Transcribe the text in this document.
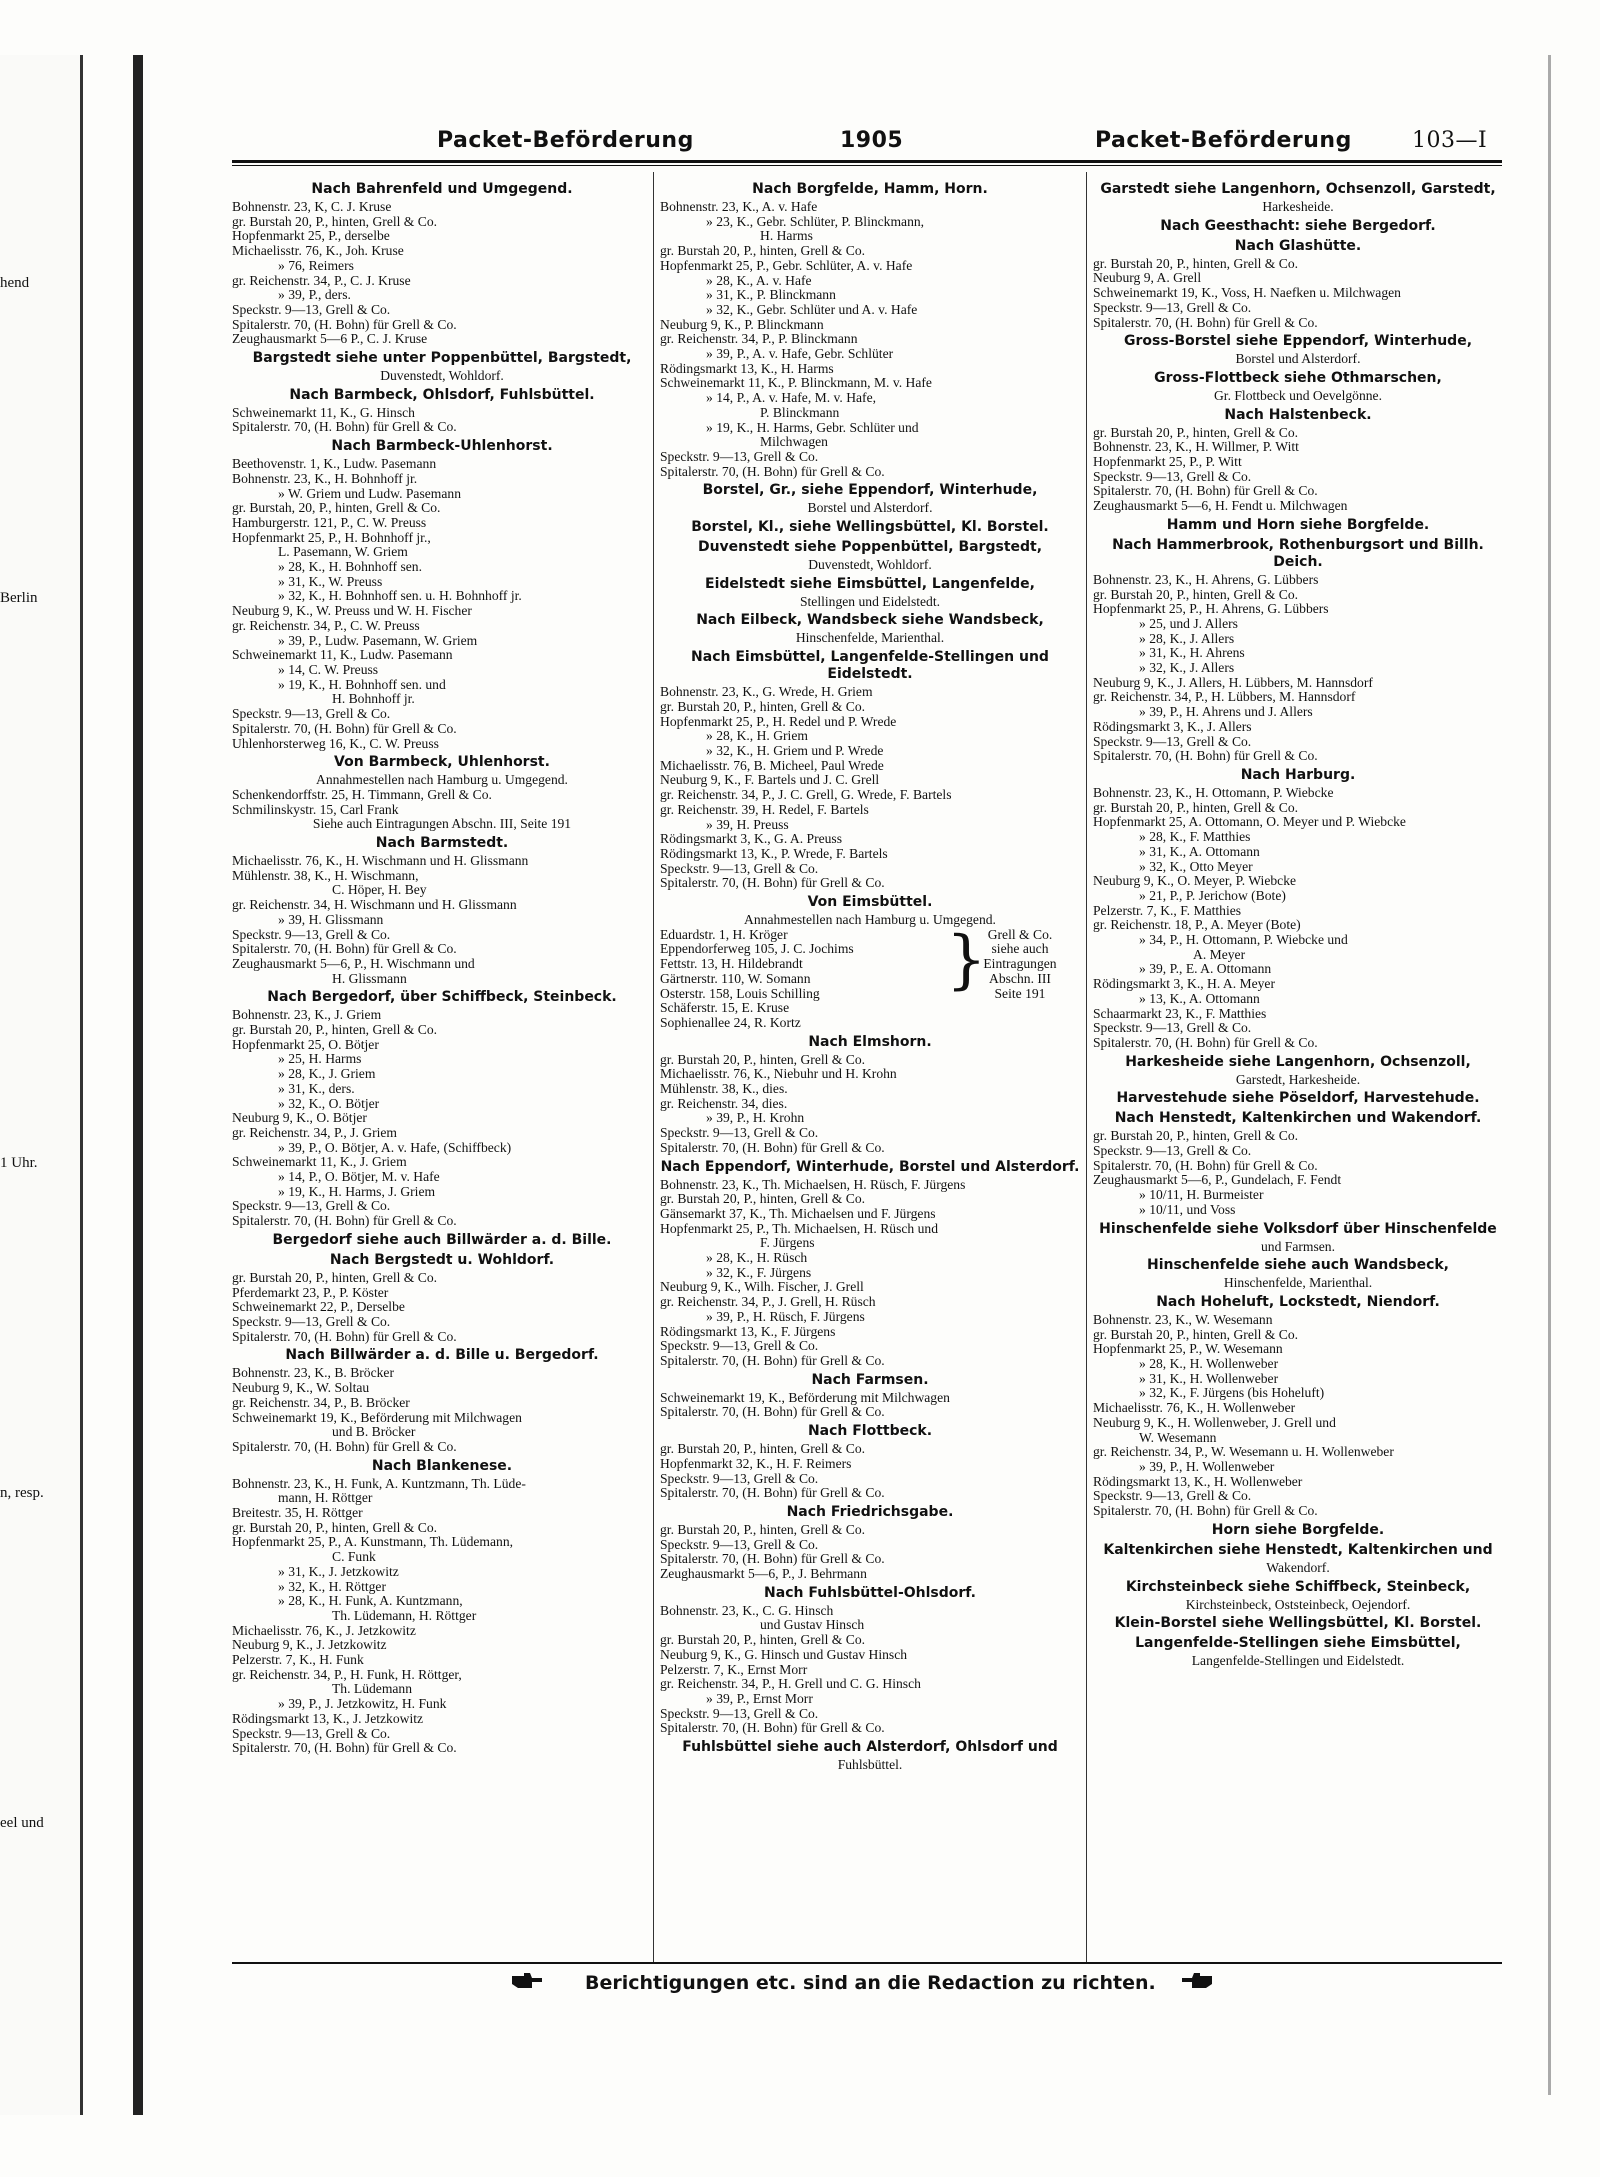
hend
Berlin
1 Uhr.
n, resp.
eel und
Packet-Beförderung	1905	Packet-Beförderung	103—I
Nach Bahrenfeld und Umgegend.
Bohnenstr. 23, K, C. J. Kruse
gr. Burstah 20, P., hinten, Grell & Co.
Hopfenmarkt 25, P., derselbe
Michaelisstr. 76, K., Joh. Kruse
» 76, Reimers
gr. Reichenstr. 34, P., C. J. Kruse
» 39, P., ders.
Speckstr. 9—13, Grell & Co.
Spitalerstr. 70, (H. Bohn) für Grell & Co.
Zeughausmarkt 5—6 P., C. J. Kruse
Bargstedt siehe unter Poppenbüttel, Bargstedt,
Duvenstedt, Wohldorf.
Nach Barmbeck, Ohlsdorf, Fuhlsbüttel.
Schweinemarkt 11, K., G. Hinsch
Spitalerstr. 70, (H. Bohn) für Grell & Co.
Nach Barmbeck-Uhlenhorst.
Beethovenstr. 1, K., Ludw. Pasemann
Bohnenstr. 23, K., H. Bohnhoff jr.
» W. Griem und Ludw. Pasemann
gr. Burstah, 20, P., hinten, Grell & Co.
Hamburgerstr. 121, P., C. W. Preuss
Hopfenmarkt 25, P., H. Bohnhoff jr.,
L. Pasemann, W. Griem
» 28, K., H. Bohnhoff sen.
» 31, K., W. Preuss
» 32, K., H. Bohnhoff sen. u. H. Bohnhoff jr.
Neuburg 9, K., W. Preuss und W. H. Fischer
gr. Reichenstr. 34, P., C. W. Preuss
» 39, P., Ludw. Pasemann, W. Griem
Schweinemarkt 11, K., Ludw. Pasemann
» 14, C. W. Preuss
» 19, K., H. Bohnhoff sen. und
H. Bohnhoff jr.
Speckstr. 9—13, Grell & Co.
Spitalerstr. 70, (H. Bohn) für Grell & Co.
Uhlenhorsterweg 16, K., C. W. Preuss
Von Barmbeck, Uhlenhorst.
Annahmestellen nach Hamburg u. Umgegend.
Schenkendorffstr. 25, H. Timmann, Grell & Co.
Schmilinskystr. 15, Carl Frank
Siehe auch Eintragungen Abschn. III, Seite 191
Nach Barmstedt.
Michaelisstr. 76, K., H. Wischmann und H. Glissmann
Mühlenstr. 38, K., H. Wischmann,
C. Höper, H. Bey
gr. Reichenstr. 34, H. Wischmann und H. Glissmann
» 39, H. Glissmann
Speckstr. 9—13, Grell & Co.
Spitalerstr. 70, (H. Bohn) für Grell & Co.
Zeughausmarkt 5—6, P., H. Wischmann und
H. Glissmann
Nach Bergedorf, über Schiffbeck, Steinbeck.
Bohnenstr. 23, K., J. Griem
gr. Burstah 20, P., hinten, Grell & Co.
Hopfenmarkt 25, O. Bötjer
» 25, H. Harms
» 28, K., J. Griem
» 31, K., ders.
» 32, K., O. Bötjer
Neuburg 9, K., O. Bötjer
gr. Reichenstr. 34, P., J. Griem
» 39, P., O. Bötjer, A. v. Hafe, (Schiffbeck)
Schweinemarkt 11, K., J. Griem
» 14, P., O. Bötjer, M. v. Hafe
» 19, K., H. Harms, J. Griem
Speckstr. 9—13, Grell & Co.
Spitalerstr. 70, (H. Bohn) für Grell & Co.
Bergedorf siehe auch Billwärder a. d. Bille.
Nach Bergstedt u. Wohldorf.
gr. Burstah 20, P., hinten, Grell & Co.
Pferdemarkt 23, P., P. Köster
Schweinemarkt 22, P., Derselbe
Speckstr. 9—13, Grell & Co.
Spitalerstr. 70, (H. Bohn) für Grell & Co.
Nach Billwärder a. d. Bille u. Bergedorf.
Bohnenstr. 23, K., B. Bröcker
Neuburg 9, K., W. Soltau
gr. Reichenstr. 34, P., B. Bröcker
Schweinemarkt 19, K., Beförderung mit Milchwagen
und B. Bröcker
Spitalerstr. 70, (H. Bohn) für Grell & Co.
Nach Blankenese.
Bohnenstr. 23, K., H. Funk, A. Kuntzmann, Th. Lüde-
mann, H. Röttger
Breitestr. 35, H. Röttger
gr. Burstah 20, P., hinten, Grell & Co.
Hopfenmarkt 25, P., A. Kunstmann, Th. Lüdemann,
C. Funk
» 31, K., J. Jetzkowitz
» 32, K., H. Röttger
» 28, K., H. Funk, A. Kuntzmann,
Th. Lüdemann, H. Röttger
Michaelisstr. 76, K., J. Jetzkowitz
Neuburg 9, K., J. Jetzkowitz
Pelzerstr. 7, K., H. Funk
gr. Reichenstr. 34, P., H. Funk, H. Röttger,
Th. Lüdemann
» 39, P., J. Jetzkowitz, H. Funk
Rödingsmarkt 13, K., J. Jetzkowitz
Speckstr. 9—13, Grell & Co.
Spitalerstr. 70, (H. Bohn) für Grell & Co.
Nach Borgfelde, Hamm, Horn.
Bohnenstr. 23, K., A. v. Hafe
» 23, K., Gebr. Schlüter, P. Blinckmann,
H. Harms
gr. Burstah 20, P., hinten, Grell & Co.
Hopfenmarkt 25, P., Gebr. Schlüter, A. v. Hafe
» 28, K., A. v. Hafe
» 31, K., P. Blinckmann
» 32, K., Gebr. Schlüter und A. v. Hafe
Neuburg 9, K., P. Blinckmann
gr. Reichenstr. 34, P., P. Blinckmann
» 39, P., A. v. Hafe, Gebr. Schlüter
Rödingsmarkt 13, K., H. Harms
Schweinemarkt 11, K., P. Blinckmann, M. v. Hafe
» 14, P., A. v. Hafe, M. v. Hafe,
P. Blinckmann
» 19, K., H. Harms, Gebr. Schlüter und
Milchwagen
Speckstr. 9—13, Grell & Co.
Spitalerstr. 70, (H. Bohn) für Grell & Co.
Borstel, Gr., siehe Eppendorf, Winterhude,
Borstel und Alsterdorf.
Borstel, Kl., siehe Wellingsbüttel, Kl. Borstel.
Duvenstedt siehe Poppenbüttel, Bargstedt,
Duvenstedt, Wohldorf.
Eidelstedt siehe Eimsbüttel, Langenfelde,
Stellingen und Eidelstedt.
Nach Eilbeck, Wandsbeck siehe Wandsbeck,
Hinschenfelde, Marienthal.
Nach Eimsbüttel, Langenfelde-Stellingen und Eidelstedt.
Bohnenstr. 23, K., G. Wrede, H. Griem
gr. Burstah 20, P., hinten, Grell & Co.
Hopfenmarkt 25, P., H. Redel und P. Wrede
» 28, K., H. Griem
» 32, K., H. Griem und P. Wrede
Michaelisstr. 76, B. Micheel, Paul Wrede
Neuburg 9, K., F. Bartels und J. C. Grell
gr. Reichenstr. 34, P., J. C. Grell, G. Wrede, F. Bartels
gr. Reichenstr. 39, H. Redel, F. Bartels
» 39, H. Preuss
Rödingsmarkt 3, K., G. A. Preuss
Rödingsmarkt 13, K., P. Wrede, F. Bartels
Speckstr. 9—13, Grell & Co.
Spitalerstr. 70, (H. Bohn) für Grell & Co.
Von Eimsbüttel.
Annahmestellen nach Hamburg u. Umgegend.
Eduardstr. 1, H. Kröger
Eppendorferweg 105, J. C. Jochims
Fettstr. 13, H. Hildebrandt
Gärtnerstr. 110, W. Somann
Osterstr. 158, Louis Schilling
Schäferstr. 15, E. Kruse
Sophienallee 24, R. Kortz
} Grell & Co.
siehe auch
Eintragungen
Abschn. III
Seite 191
Nach Elmshorn.
gr. Burstah 20, P., hinten, Grell & Co.
Michaelisstr. 76, K., Niebuhr und H. Krohn
Mühlenstr. 38, K., dies.
gr. Reichenstr. 34, dies.
» 39, P., H. Krohn
Speckstr. 9—13, Grell & Co.
Spitalerstr. 70, (H. Bohn) für Grell & Co.
Nach Eppendorf, Winterhude, Borstel und Alsterdorf.
Bohnenstr. 23, K., Th. Michaelsen, H. Rüsch, F. Jürgens
gr. Burstah 20, P., hinten, Grell & Co.
Gänsemarkt 37, K., Th. Michaelsen und F. Jürgens
Hopfenmarkt 25, P., Th. Michaelsen, H. Rüsch und
F. Jürgens
» 28, K., H. Rüsch
» 32, K., F. Jürgens
Neuburg 9, K., Wilh. Fischer, J. Grell
gr. Reichenstr. 34, P., J. Grell, H. Rüsch
» 39, P., H. Rüsch, F. Jürgens
Rödingsmarkt 13, K., F. Jürgens
Speckstr. 9—13, Grell & Co.
Spitalerstr. 70, (H. Bohn) für Grell & Co.
Nach Farmsen.
Schweinemarkt 19, K., Beförderung mit Milchwagen
Spitalerstr. 70, (H. Bohn) für Grell & Co.
Nach Flottbeck.
gr. Burstah 20, P., hinten, Grell & Co.
Hopfenmarkt 32, K., H. F. Reimers
Speckstr. 9—13, Grell & Co.
Spitalerstr. 70, (H. Bohn) für Grell & Co.
Nach Friedrichsgabe.
gr. Burstah 20, P., hinten, Grell & Co.
Speckstr. 9—13, Grell & Co.
Spitalerstr. 70, (H. Bohn) für Grell & Co.
Zeughausmarkt 5—6, P., J. Behrmann
Nach Fuhlsbüttel-Ohlsdorf.
Bohnenstr. 23, K., C. G. Hinsch
und Gustav Hinsch
gr. Burstah 20, P., hinten, Grell & Co.
Neuburg 9, K., G. Hinsch und Gustav Hinsch
Pelzerstr. 7, K., Ernst Morr
gr. Reichenstr. 34, P., H. Grell und C. G. Hinsch
» 39, P., Ernst Morr
Speckstr. 9—13, Grell & Co.
Spitalerstr. 70, (H. Bohn) für Grell & Co.
Fuhlsbüttel siehe auch Alsterdorf, Ohlsdorf und
Fuhlsbüttel.
Garstedt siehe Langenhorn, Ochsenzoll, Garstedt,
Harkesheide.
Nach Geesthacht: siehe Bergedorf.
Nach Glashütte.
gr. Burstah 20, P., hinten, Grell & Co.
Neuburg 9, A. Grell
Schweinemarkt 19, K., Voss, H. Naefken u. Milchwagen
Speckstr. 9—13, Grell & Co.
Spitalerstr. 70, (H. Bohn) für Grell & Co.
Gross-Borstel siehe Eppendorf, Winterhude,
Borstel und Alsterdorf.
Gross-Flottbeck siehe Othmarschen,
Gr. Flottbeck und Oevelgönne.
Nach Halstenbeck.
gr. Burstah 20, P., hinten, Grell & Co.
Bohnenstr. 23, K., H. Willmer, P. Witt
Hopfenmarkt 25, P., P. Witt
Speckstr. 9—13, Grell & Co.
Spitalerstr. 70, (H. Bohn) für Grell & Co.
Zeughausmarkt 5—6, H. Fendt u. Milchwagen
Hamm und Horn siehe Borgfelde.
Nach Hammerbrook, Rothenburgsort und Billh. Deich.
Bohnenstr. 23, K., H. Ahrens, G. Lübbers
gr. Burstah 20, P., hinten, Grell & Co.
Hopfenmarkt 25, P., H. Ahrens, G. Lübbers
» 25, und J. Allers
» 28, K., J. Allers
» 31, K., H. Ahrens
» 32, K., J. Allers
Neuburg 9, K., J. Allers, H. Lübbers, M. Hannsdorf
gr. Reichenstr. 34, P., H. Lübbers, M. Hannsdorf
» 39, P., H. Ahrens und J. Allers
Rödingsmarkt 3, K., J. Allers
Speckstr. 9—13, Grell & Co.
Spitalerstr. 70, (H. Bohn) für Grell & Co.
Nach Harburg.
Bohnenstr. 23, K., H. Ottomann, P. Wiebcke
gr. Burstah 20, P., hinten, Grell & Co.
Hopfenmarkt 25, A. Ottomann, O. Meyer und P. Wiebcke
» 28, K., F. Matthies
» 31, K., A. Ottomann
» 32, K., Otto Meyer
Neuburg 9, K., O. Meyer, P. Wiebcke
» 21, P., P. Jerichow (Bote)
Pelzerstr. 7, K., F. Matthies
gr. Reichenstr. 18, P., A. Meyer (Bote)
» 34, P., H. Ottomann, P. Wiebcke und
A. Meyer
» 39, P., E. A. Ottomann
Rödingsmarkt 3, K., H. A. Meyer
» 13, K., A. Ottomann
Schaarmarkt 23, K., F. Matthies
Speckstr. 9—13, Grell & Co.
Spitalerstr. 70, (H. Bohn) für Grell & Co.
Harkesheide siehe Langenhorn, Ochsenzoll,
Garstedt, Harkesheide.
Harvestehude siehe Pöseldorf, Harvestehude.
Nach Henstedt, Kaltenkirchen und Wakendorf.
gr. Burstah 20, P., hinten, Grell & Co.
Speckstr. 9—13, Grell & Co.
Spitalerstr. 70, (H. Bohn) für Grell & Co.
Zeughausmarkt 5—6, P., Gundelach, F. Fendt
» 10/11, H. Burmeister
» 10/11, und Voss
Hinschenfelde siehe Volksdorf über Hinschenfelde
und Farmsen.
Hinschenfelde siehe auch Wandsbeck,
Hinschenfelde, Marienthal.
Nach Hoheluft, Lockstedt, Niendorf.
Bohnenstr. 23, K., W. Wesemann
gr. Burstah 20, P., hinten, Grell & Co.
Hopfenmarkt 25, P., W. Wesemann
» 28, K., H. Wollenweber
» 31, K., H. Wollenweber
» 32, K., F. Jürgens (bis Hoheluft)
Michaelisstr. 76, K., H. Wollenweber
Neuburg 9, K., H. Wollenweber, J. Grell und
W. Wesemann
gr. Reichenstr. 34, P., W. Wesemann u. H. Wollenweber
» 39, P., H. Wollenweber
Rödingsmarkt 13, K., H. Wollenweber
Speckstr. 9—13, Grell & Co.
Spitalerstr. 70, (H. Bohn) für Grell & Co.
Horn siehe Borgfelde.
Kaltenkirchen siehe Henstedt, Kaltenkirchen und
Wakendorf.
Kirchsteinbeck siehe Schiffbeck, Steinbeck,
Kirchsteinbeck, Oststeinbeck, Oejendorf.
Klein-Borstel siehe Wellingsbüttel, Kl. Borstel.
Langenfelde-Stellingen siehe Eimsbüttel,
Langenfelde-Stellingen und Eidelstedt.
Berichtigungen etc. sind an die Redaction zu richten.
